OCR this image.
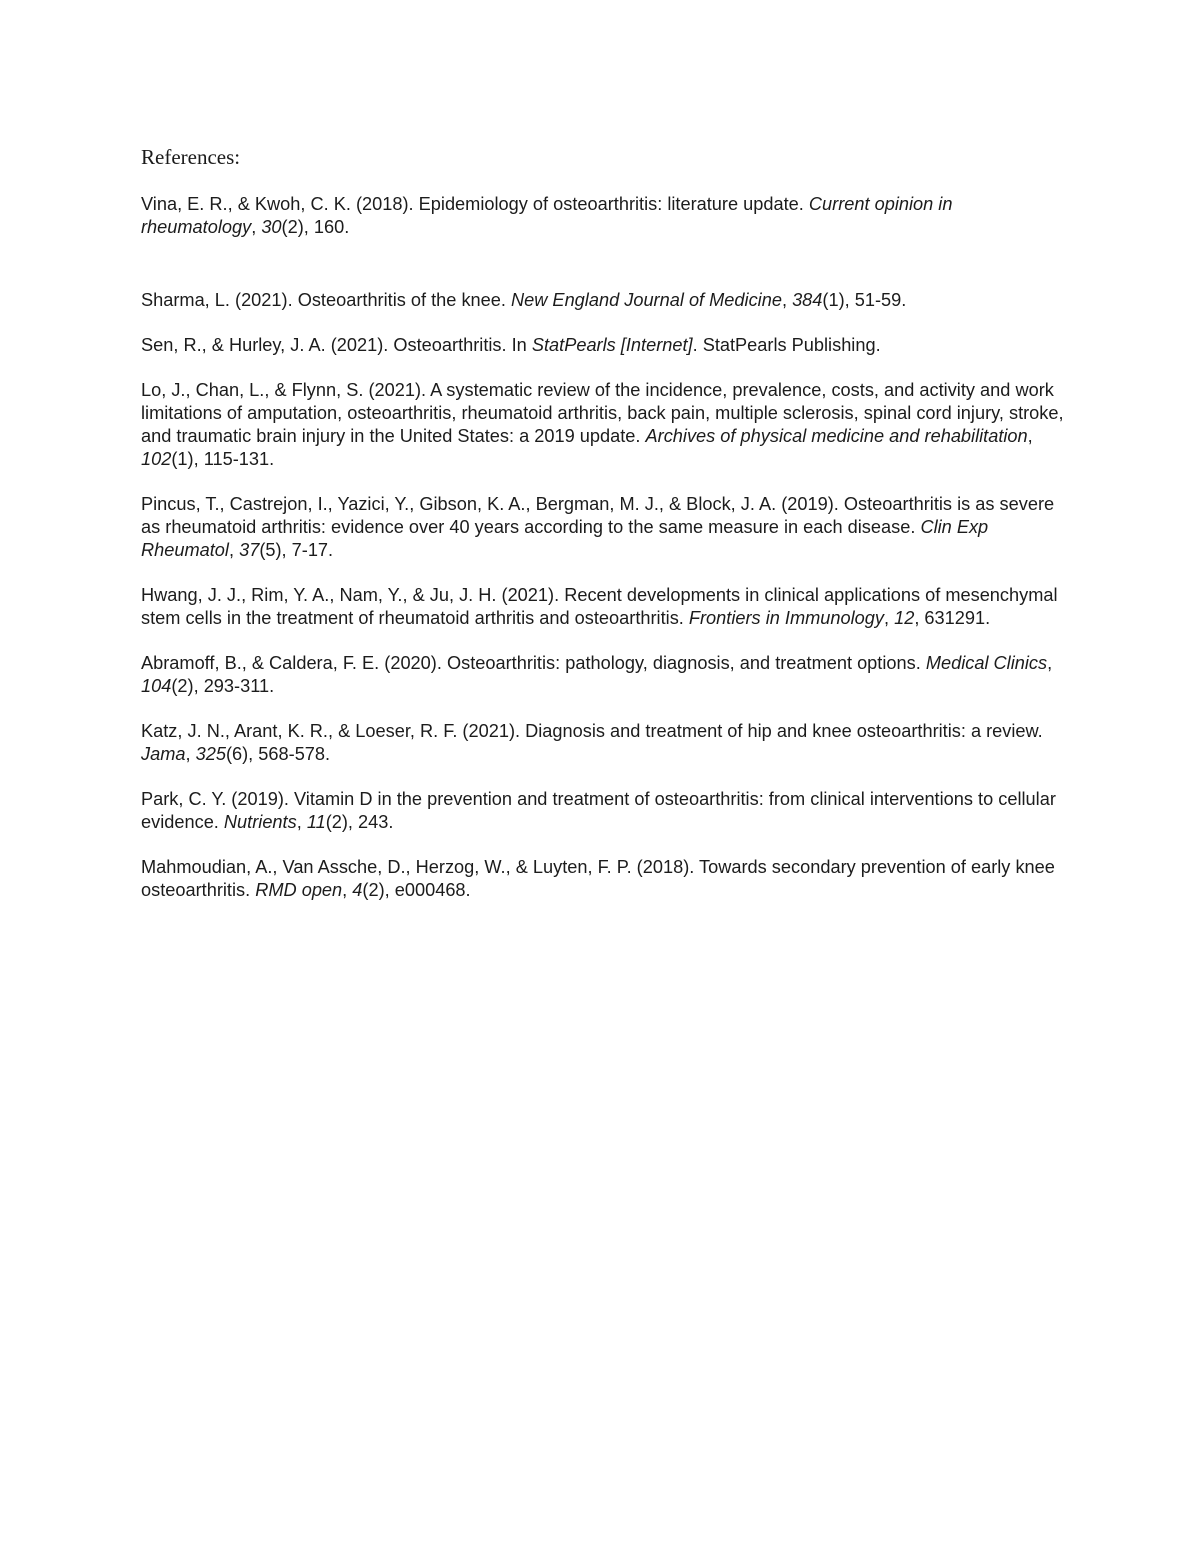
References:
Vina, E. R., & Kwoh, C. K. (2018). Epidemiology of osteoarthritis: literature update. Current opinion in rheumatology, 30(2), 160.
Sharma, L. (2021). Osteoarthritis of the knee. New England Journal of Medicine, 384(1), 51-59.
Sen, R., & Hurley, J. A. (2021). Osteoarthritis. In StatPearls [Internet]. StatPearls Publishing.
Lo, J., Chan, L., & Flynn, S. (2021). A systematic review of the incidence, prevalence, costs, and activity and work limitations of amputation, osteoarthritis, rheumatoid arthritis, back pain, multiple sclerosis, spinal cord injury, stroke, and traumatic brain injury in the United States: a 2019 update. Archives of physical medicine and rehabilitation, 102(1), 115-131.
Pincus, T., Castrejon, I., Yazici, Y., Gibson, K. A., Bergman, M. J., & Block, J. A. (2019). Osteoarthritis is as severe as rheumatoid arthritis: evidence over 40 years according to the same measure in each disease. Clin Exp Rheumatol, 37(5), 7-17.
Hwang, J. J., Rim, Y. A., Nam, Y., & Ju, J. H. (2021). Recent developments in clinical applications of mesenchymal stem cells in the treatment of rheumatoid arthritis and osteoarthritis. Frontiers in Immunology, 12, 631291.
Abramoff, B., & Caldera, F. E. (2020). Osteoarthritis: pathology, diagnosis, and treatment options. Medical Clinics, 104(2), 293-311.
Katz, J. N., Arant, K. R., & Loeser, R. F. (2021). Diagnosis and treatment of hip and knee osteoarthritis: a review. Jama, 325(6), 568-578.
Park, C. Y. (2019). Vitamin D in the prevention and treatment of osteoarthritis: from clinical interventions to cellular evidence. Nutrients, 11(2), 243.
Mahmoudian, A., Van Assche, D., Herzog, W., & Luyten, F. P. (2018). Towards secondary prevention of early knee osteoarthritis. RMD open, 4(2), e000468.
